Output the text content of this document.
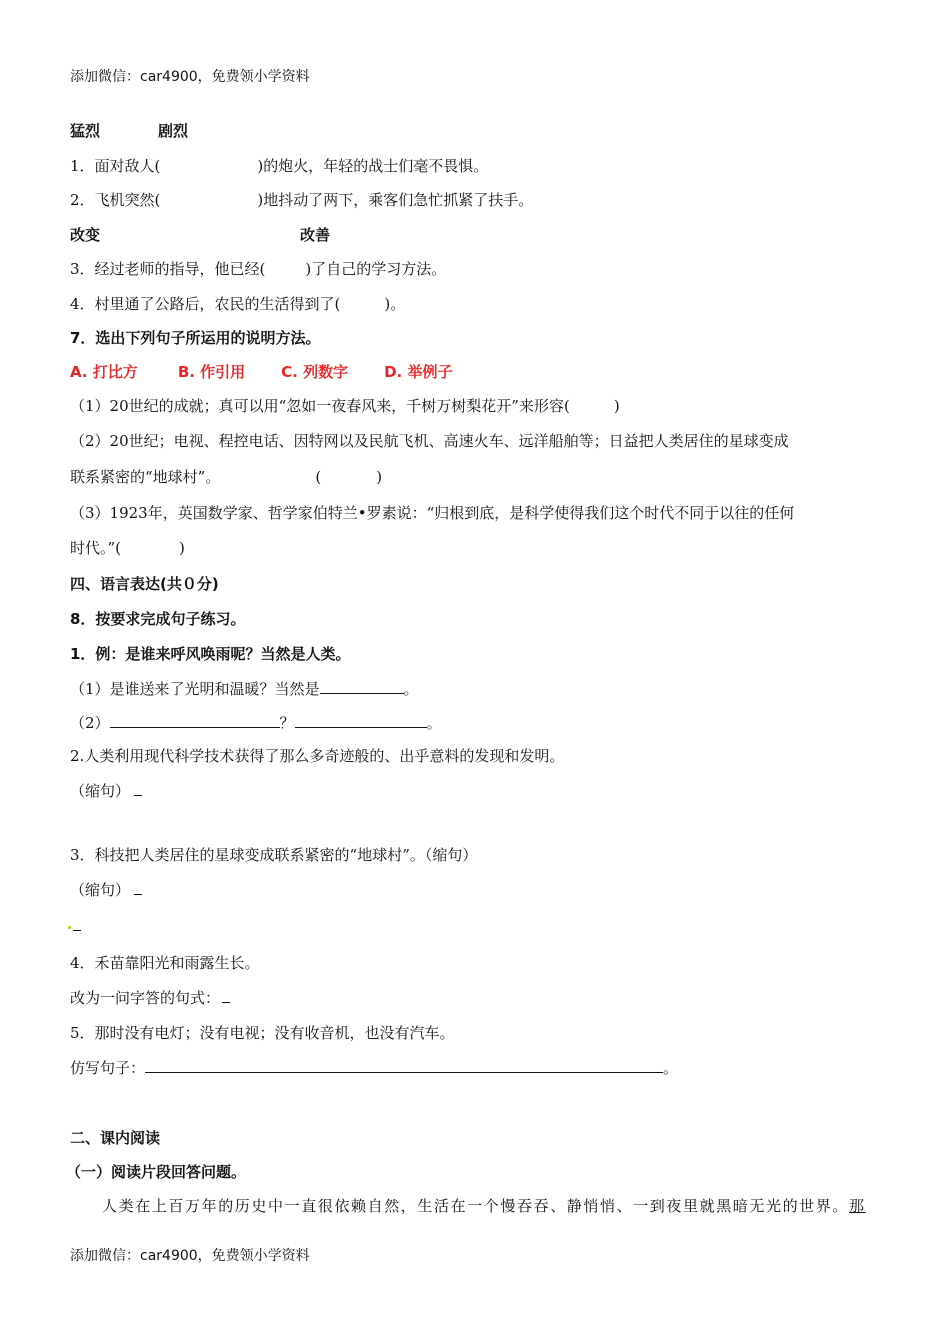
添加微信：car4900，免费领小学资料
猛烈	剧烈
1．面对敌人(	)的炮火，年轻的战士们毫不畏惧。
2．飞机突然(	)地抖动了两下，乘客们急忙抓紧了扶手。
改变	改善
3．经过老师的指导，他已经(	)了自己的学习方法。
4．村里通了公路后，农民的生活得到了(	)。
7．选出下列句子所运用的说明方法。
A. 打比方	B. 作引用 C. 列数字 D. 举例子
（1）20世纪的成就；真可以用“忽如一夜春风来，千树万树梨花开”来形容(	)
（2）20世纪；电视、程控电话、因特网以及民航飞机、高速火车、远洋船舶等；日益把人类居住的星球变成
联系紧密的“地球村”。	(	)
（3）1923年，英国数学家、哲学家伯特兰•罗素说：“归根到底，是科学使得我们这个时代不同于以往的任何
时代。”(	)
四、语言表达(共０分)
8．按要求完成句子练习。
1．例：是谁来呼风唤雨呢？当然是人类。
（1）是谁送来了光明和温暖？当然是	。
（2）	？	。
2.人类利用现代科学技术获得了那么多奇迹般的、出乎意料的发现和发明。
（缩句）
3．科技把人类居住的星球变成联系紧密的“地球村”。（缩句）
（缩句）
4．禾苗靠阳光和雨露生长。
改为一问字答的句式：
5．那时没有电灯；没有电视；没有收音机，也没有汽车。
仿写句子：	。
二、课内阅读
（一）阅读片段回答问题。
人类在上百万年的历史中一直很依赖自然，生活在一个慢吞吞、静悄悄、一到夜里就黑暗无光的世界。那
添加微信：car4900，免费领小学资料
